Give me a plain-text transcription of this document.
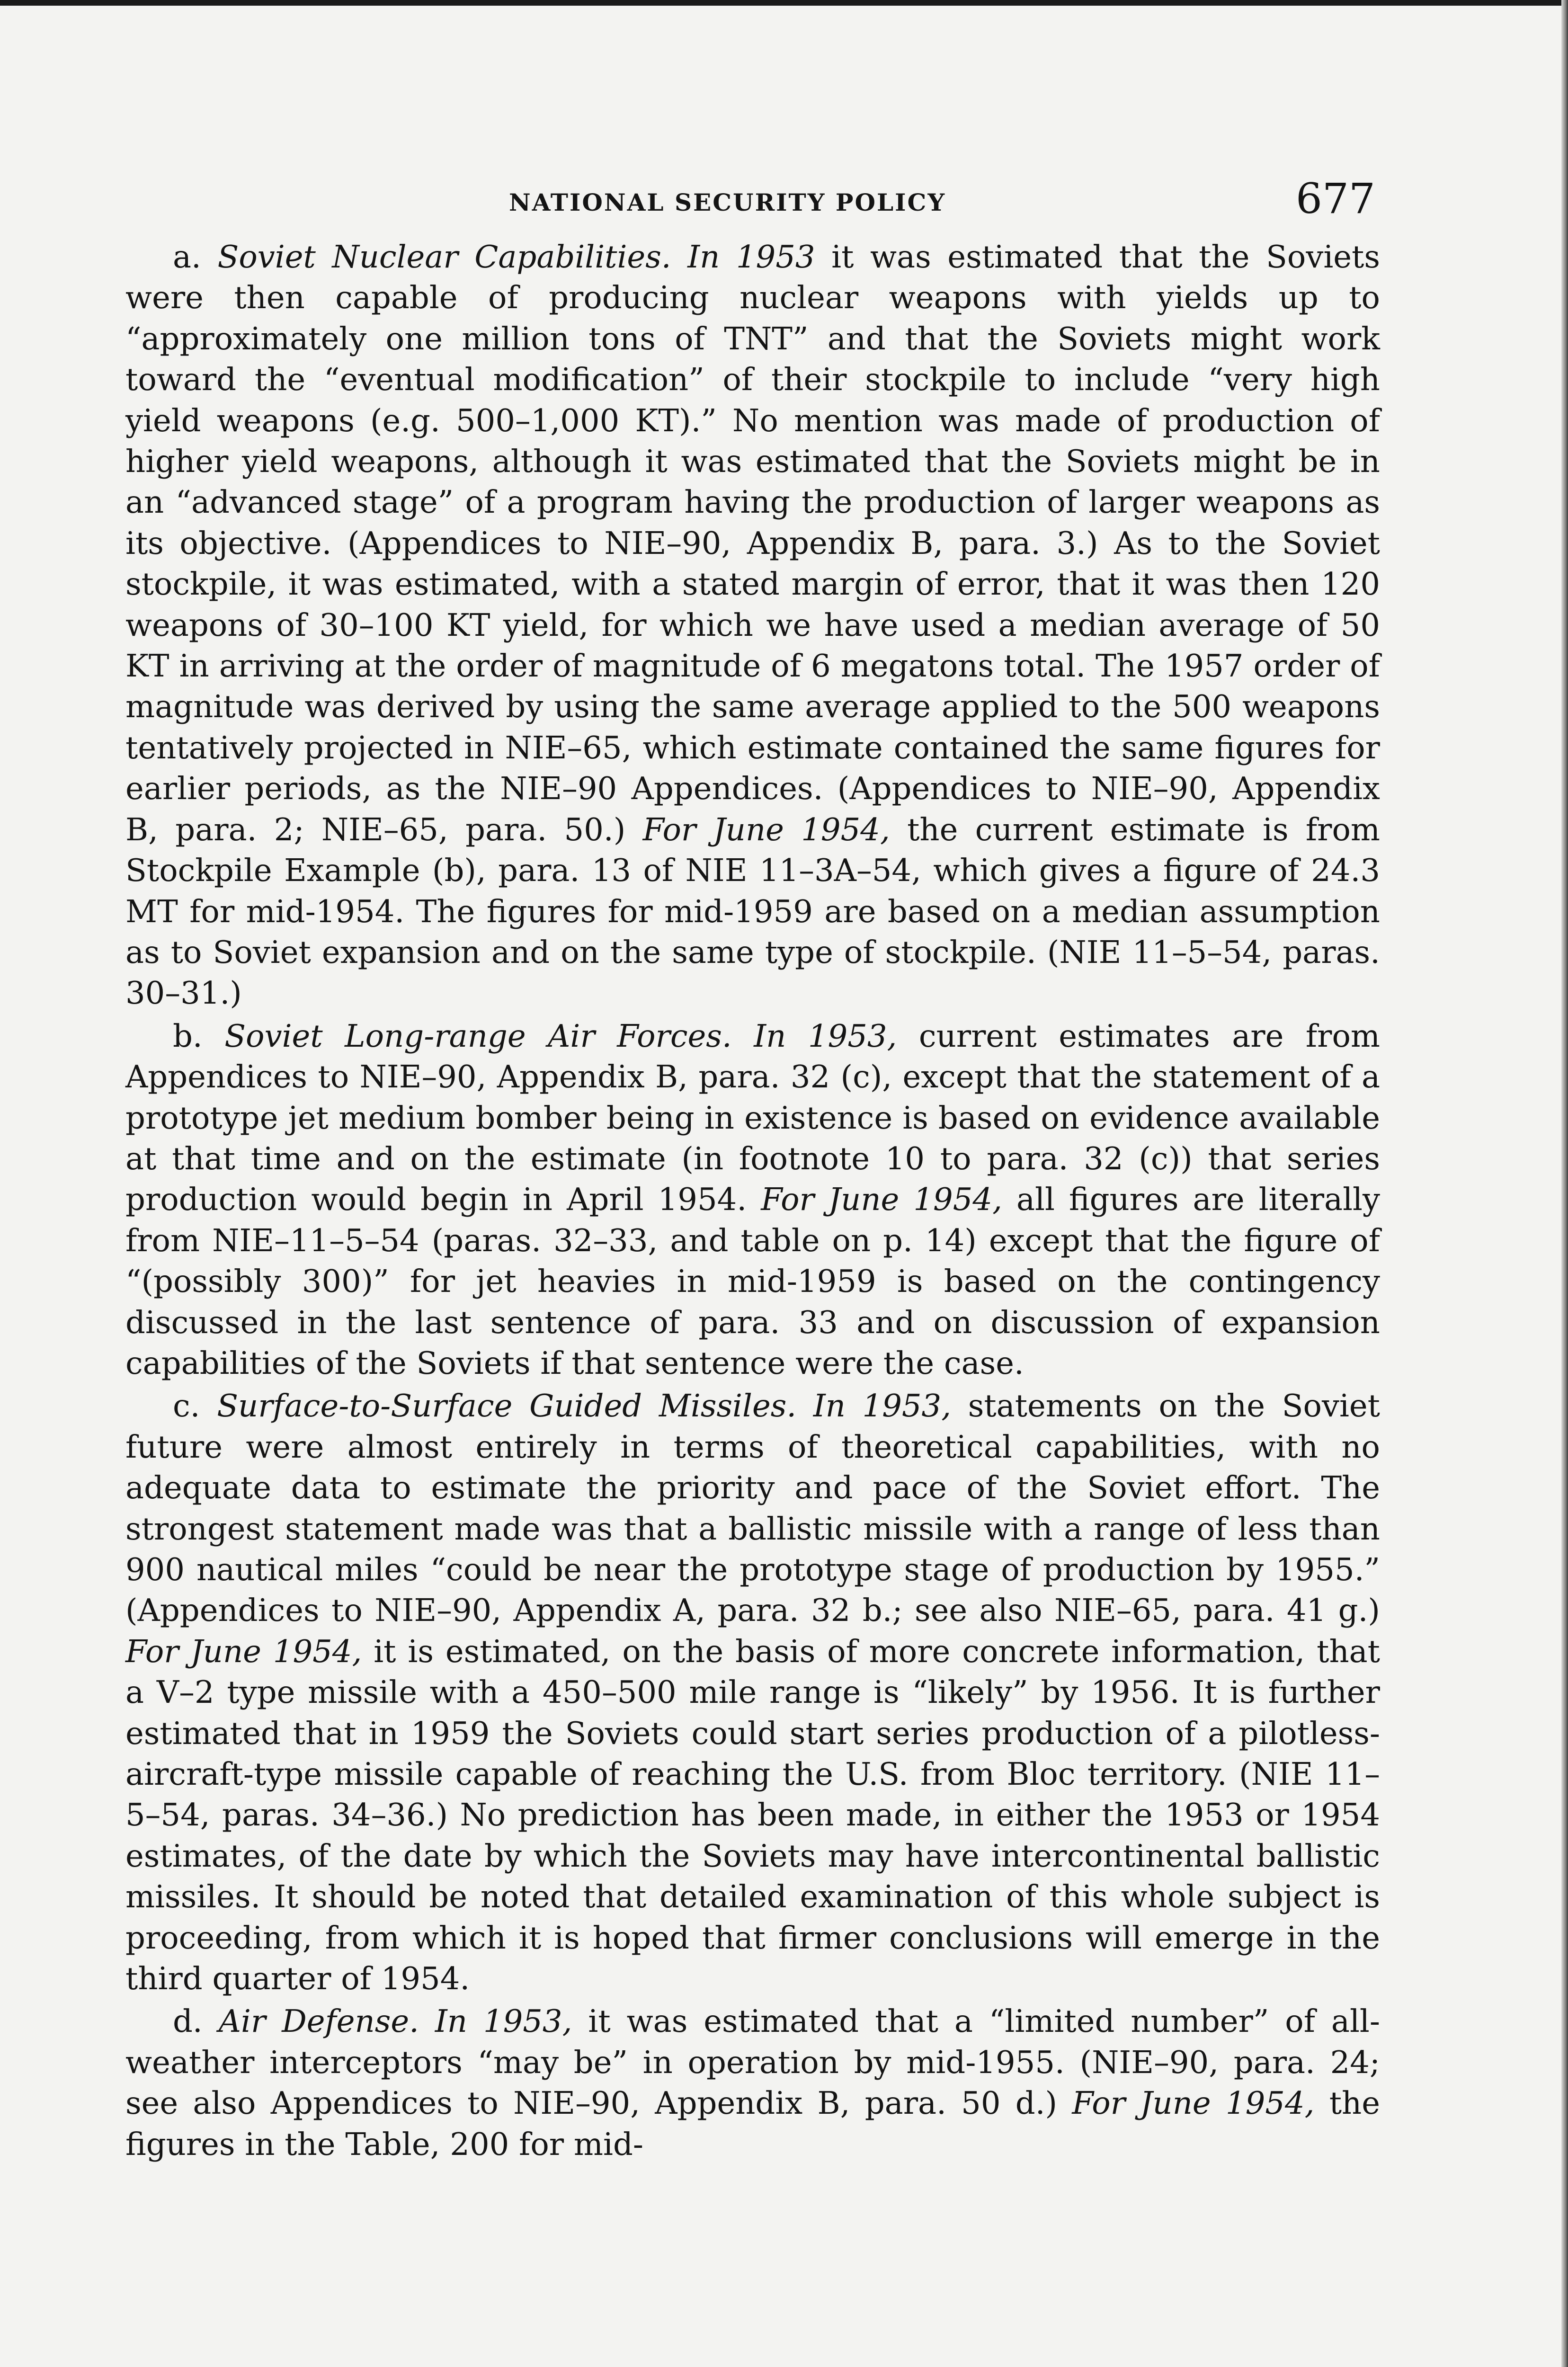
NATIONAL SECURITY POLICY	677

a. Soviet Nuclear Capabilities. In 1953 it was estimated that the Soviets were then capable of producing nuclear weapons with yields up to “approximately one million tons of TNT” and that the Soviets might work toward the “eventual modification” of their stockpile to include “very high yield weapons (e.g. 500–1,000 KT).” No mention was made of production of higher yield weapons, although it was estimated that the Soviets might be in an “advanced stage” of a program having the production of larger weapons as its objective. (Appendices to NIE–90, Appendix B, para. 3.) As to the Soviet stockpile, it was estimated, with a stated margin of error, that it was then 120 weapons of 30–100 KT yield, for which we have used a median average of 50 KT in arriving at the order of magnitude of 6 megatons total. The 1957 order of magnitude was derived by using the same average applied to the 500 weapons tentatively projected in NIE–65, which estimate contained the same figures for earlier periods, as the NIE–90 Appendices. (Appendices to NIE–90, Appendix B, para. 2; NIE–65, para. 50.) For June 1954, the current estimate is from Stockpile Example (b), para. 13 of NIE 11–3A–54, which gives a figure of 24.3 MT for mid-1954. The figures for mid-1959 are based on a median assumption as to Soviet expansion and on the same type of stockpile. (NIE 11–5–54, paras. 30–31.)

b. Soviet Long-range Air Forces. In 1953, current estimates are from Appendices to NIE–90, Appendix B, para. 32 (c), except that the statement of a prototype jet medium bomber being in existence is based on evidence available at that time and on the estimate (in footnote 10 to para. 32 (c)) that series production would begin in April 1954. For June 1954, all figures are literally from NIE–11–5–54 (paras. 32–33, and table on p. 14) except that the figure of “(possibly 300)” for jet heavies in mid-1959 is based on the contingency discussed in the last sentence of para. 33 and on discussion of expansion capabilities of the Soviets if that sentence were the case.

c. Surface-to-Surface Guided Missiles. In 1953, statements on the Soviet future were almost entirely in terms of theoretical capabilities, with no adequate data to estimate the priority and pace of the Soviet effort. The strongest statement made was that a ballistic missile with a range of less than 900 nautical miles “could be near the prototype stage of production by 1955.” (Appendices to NIE–90, Appendix A, para. 32 b.; see also NIE–65, para. 41 g.) For June 1954, it is estimated, on the basis of more concrete information, that a V–2 type missile with a 450–500 mile range is “likely” by 1956. It is further estimated that in 1959 the Soviets could start series production of a pilotless-aircraft-type missile capable of reaching the U.S. from Bloc territory. (NIE 11–5–54, paras. 34–36.) No prediction has been made, in either the 1953 or 1954 estimates, of the date by which the Soviets may have intercontinental ballistic missiles. It should be noted that detailed examination of this whole subject is proceeding, from which it is hoped that firmer conclusions will emerge in the third quarter of 1954.

d. Air Defense. In 1953, it was estimated that a “limited number” of all-weather interceptors “may be” in operation by mid-1955. (NIE–90, para. 24; see also Appendices to NIE–90, Appendix B, para. 50 d.) For June 1954, the figures in the Table, 200 for mid-
